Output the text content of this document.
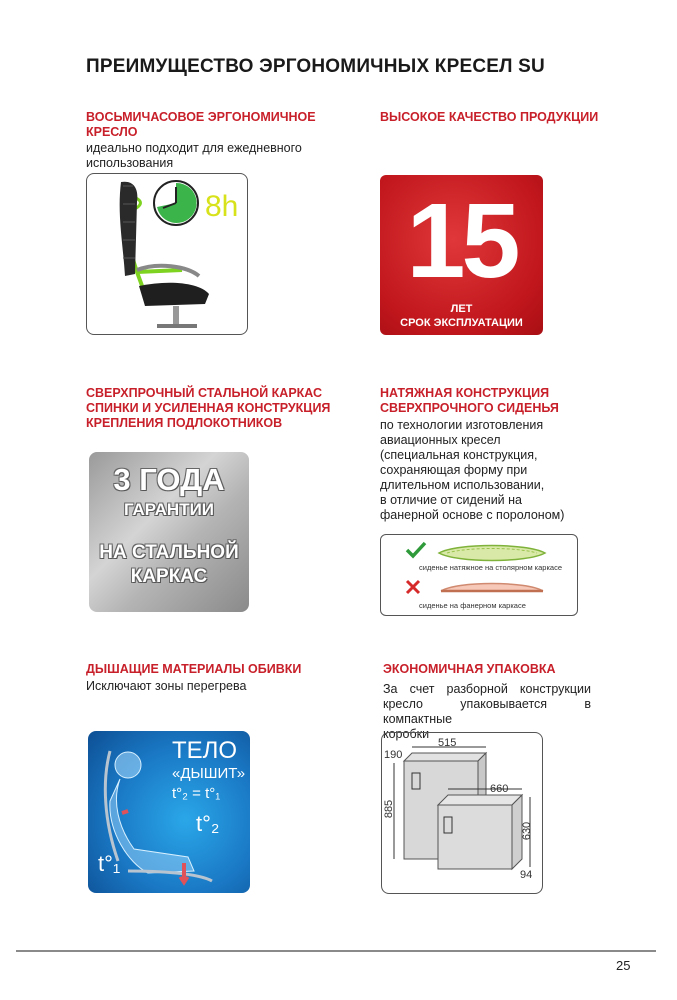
ПРЕИМУЩЕСТВО ЭРГОНОМИЧНЫХ КРЕСЕЛ SU
ВОСЬМИЧАСОВОЕ ЭРГОНОМИЧНОЕ
КРЕСЛО
идеально подходит для ежедневного
использования
8h
ВЫСОКОЕ КАЧЕСТВО ПРОДУКЦИИ
15
ЛЕТ
СРОК ЭКСПЛУАТАЦИИ
СВЕРХПРОЧНЫЙ СТАЛЬНОЙ КАРКАС
СПИНКИ И УСИЛЕННАЯ КОНСТРУКЦИЯ
КРЕПЛЕНИЯ ПОДЛОКОТНИКОВ
3 ГОДА
ГАРАНТИИ
НА СТАЛЬНОЙ
КАРКАС
НАТЯЖНАЯ КОНСТРУКЦИЯ
СВЕРХПРОЧНОГО СИДЕНЬЯ
по технологии изготовления
авиационных кресел
(специальная конструкция,
сохраняющая форму при
длительном использовании,
в отличие от сидений на
фанерной основе с поролоном)
сиденье натяжное на столярном каркасе
сиденье на фанерном каркасе
ДЫШАЩИЕ МАТЕРИАЛЫ ОБИВКИ
Исключают зоны перегрева
ТЕЛО
«ДЫШИТ»
t°₂ = t°₁
t°₂
t°₁
ЭКОНОМИЧНАЯ УПАКОВКА
За счет разборной конструкции
кресло упаковывается в компактные
коробки
190
515
885
660
630
94
25
